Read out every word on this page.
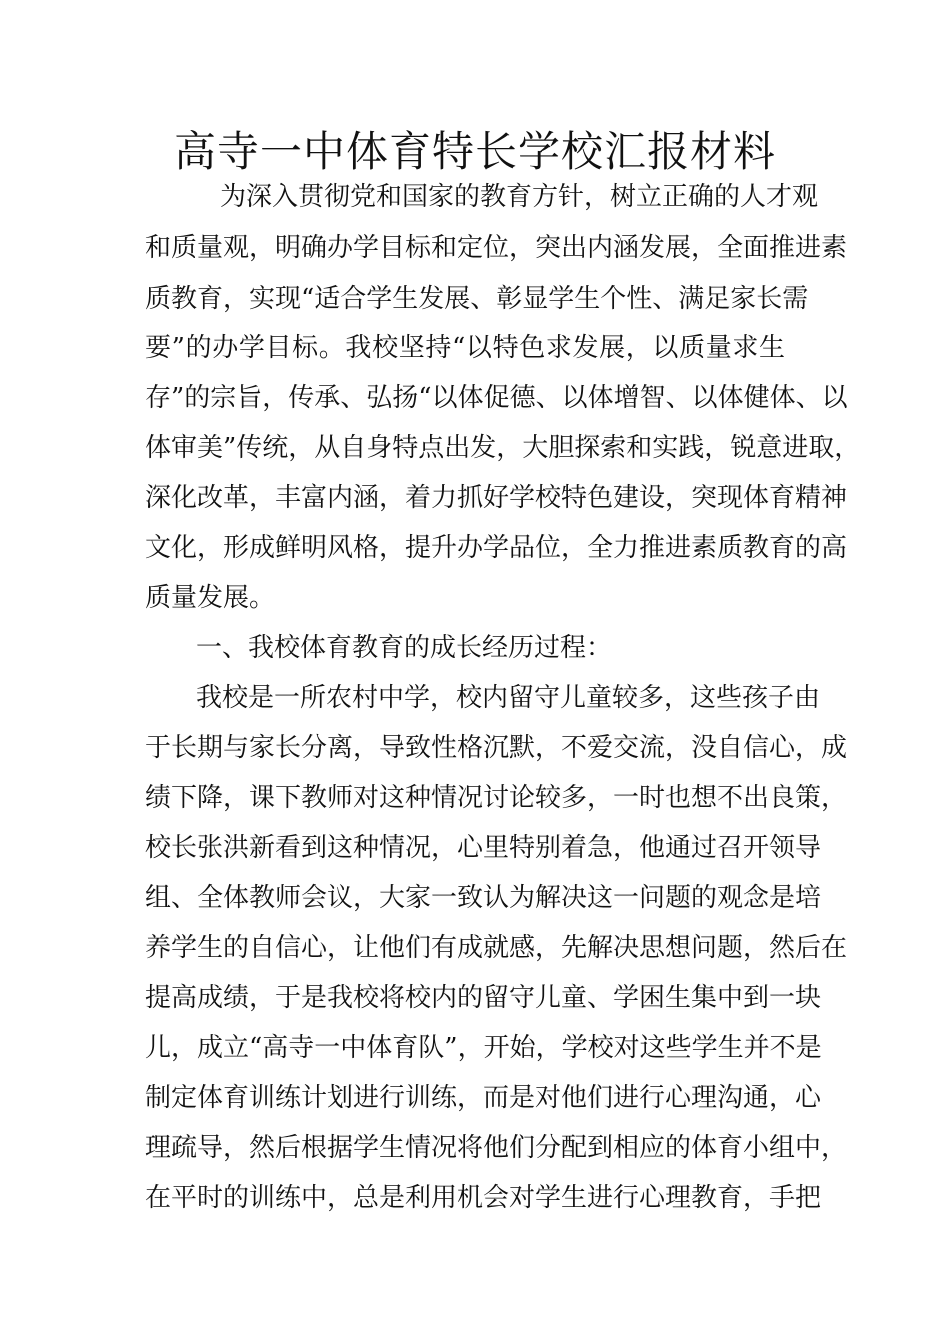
高寺一中体育特长学校汇报材料
为深入贯彻党和国家的教育方针，树立正确的人才观
和质量观，明确办学目标和定位，突出内涵发展，全面推进素
质教育，实现“适合学生发展、彰显学生个性、满足家长需
要”的办学目标。我校坚持“以特色求发展，以质量求生
存”的宗旨，传承、弘扬“以体促德、以体增智、以体健体、以
体审美”传统，从自身特点出发，大胆探索和实践，锐意进取，
深化改革，丰富内涵，着力抓好学校特色建设，突现体育精神
文化，形成鲜明风格，提升办学品位，全力推进素质教育的高
质量发展。
一、我校体育教育的成长经历过程：
我校是一所农村中学，校内留守儿童较多，这些孩子由
于长期与家长分离，导致性格沉默，不爱交流，没自信心，成
绩下降，课下教师对这种情况讨论较多，一时也想不出良策，
校长张洪新看到这种情况，心里特别着急，他通过召开领导
组、全体教师会议，大家一致认为解决这一问题的观念是培
养学生的自信心，让他们有成就感，先解决思想问题，然后在
提高成绩，于是我校将校内的留守儿童、学困生集中到一块
儿，成立“高寺一中体育队”，开始，学校对这些学生并不是
制定体育训练计划进行训练，而是对他们进行心理沟通，心
理疏导，然后根据学生情况将他们分配到相应的体育小组中，
在平时的训练中，总是利用机会对学生进行心理教育，手把
